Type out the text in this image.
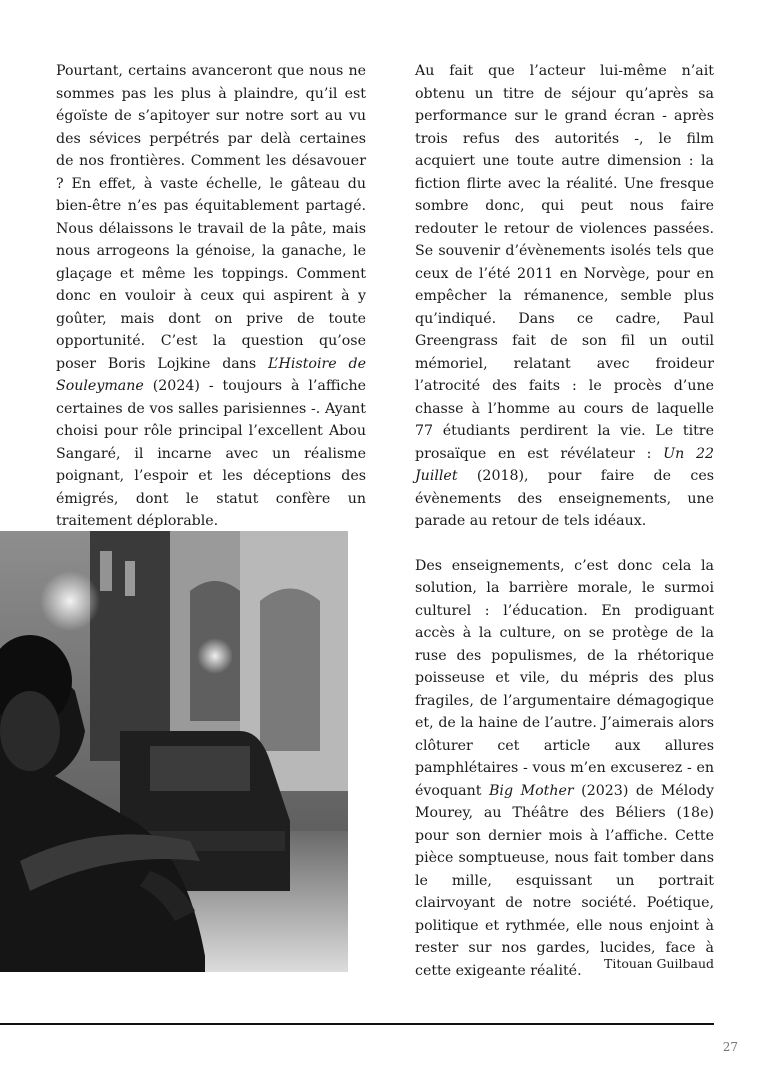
Pourtant, certains avanceront que nous ne sommes pas les plus à plaindre, qu’il est égoïste de s’apitoyer sur notre sort au vu des sévices perpétrés par delà certaines de nos frontières. Comment les désavouer ? En effet, à vaste échelle, le gâteau du bien-être n’es pas équitablement partagé. Nous délaissons le travail de la pâte, mais nous arrogeons la génoise, la ganache, le glaçage et même les toppings. Comment donc en vouloir à ceux qui aspirent à y goûter, mais dont on prive de toute opportunité. C’est la question qu’ose poser Boris Lojkine dans L’Histoire de Souleymane (2024) - toujours à l’affiche certaines de vos salles parisiennes -. Ayant choisi pour rôle principal l’excellent Abou Sangaré, il incarne avec un réalisme poignant, l’espoir et les déceptions des émigrés, dont le statut confère un traitement déplorable.

Au fait que l’acteur lui-même n’ait obtenu un titre de séjour qu’après sa performance sur le grand écran - après trois refus des autorités -, le film acquiert une toute autre dimension : la fiction flirte avec la réalité. Une fresque sombre donc, qui peut nous faire redouter le retour de violences passées. Se souvenir d’évènements isolés tels que ceux de l’été 2011 en Norvège, pour en empêcher la rémanence, semble plus qu’indiqué. Dans ce cadre, Paul Greengrass fait de son fil un outil mémoriel, relatant avec froideur l’atrocité des faits : le procès d’une chasse à l’homme au cours de laquelle 77 étudiants perdirent la vie. Le titre prosaïque en est révélateur : Un 22 Juillet (2018), pour faire de ces évènements des enseignements, une parade au retour de tels idéaux.

Des enseignements, c’est donc cela la solution, la barrière morale, le surmoi culturel : l’éducation. En prodiguant accès à la culture, on se protège de la ruse des populismes, de la rhétorique poisseuse et vile, du mépris des plus fragiles, de l’argumentaire démagogique et, de la haine de l’autre. J’aimerais alors clôturer cet article aux allures pamphlétaires - vous m’en excuserez - en évoquant Big Mother (2023) de Mélody Mourey, au Théâtre des Béliers (18e) pour son dernier mois à l’affiche. Cette pièce somptueuse, nous fait tomber dans le mille, esquissant un portrait clairvoyant de notre société. Poétique, politique et rythmée, elle nous enjoint à rester sur nos gardes, lucides, face à cette exigeante réalité.	Titouan Guilbaud
27
